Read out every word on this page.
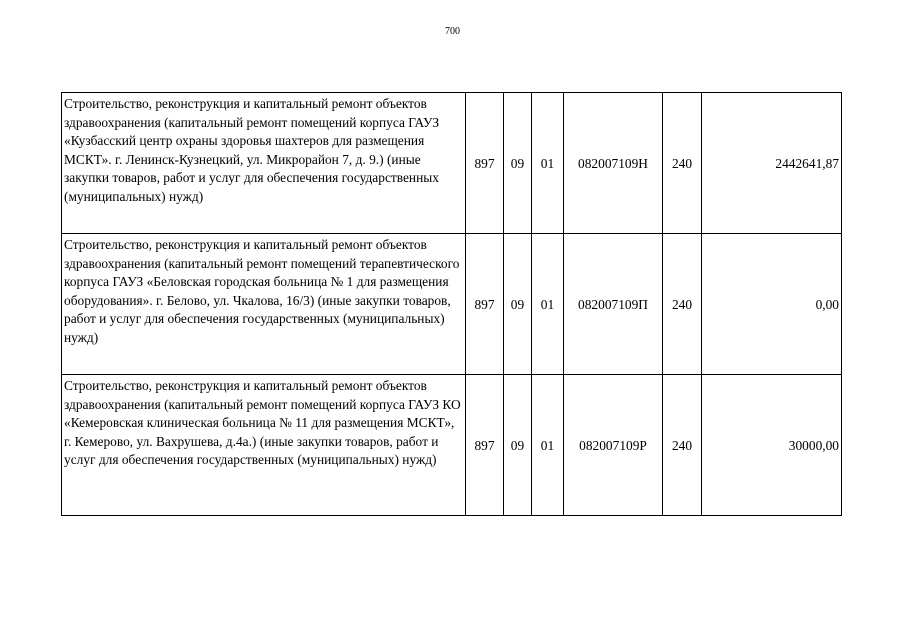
700
Строительство, реконструкция и капитальный ремонт объектов здравоохранения (капитальный ремонт помещений корпуса ГАУЗ «Кузбасский центр охраны здоровья шахтеров для размещения МСКТ». г. Ленинск-Кузнецкий, ул. Микрорайон 7, д. 9.) (иные закупки товаров, работ и услуг для обеспечения государственных (муниципальных) нужд)	897	09	01	082007109Н	240	2442641,87
Строительство, реконструкция и капитальный ремонт объектов здравоохранения (капитальный ремонт помещений терапевтического корпуса ГАУЗ «Беловская городская больница № 1 для размещения оборудования». г. Белово, ул. Чкалова, 16/3) (иные закупки товаров, работ и услуг для обеспечения государственных (муниципальных) нужд)	897	09	01	082007109П	240	0,00
Строительство, реконструкция и капитальный ремонт объектов здравоохранения (капитальный ремонт помещений корпуса ГАУЗ КО «Кемеровская клиническая больница № 11 для размещения МСКТ», г. Кемерово, ул. Вахрушева, д.4а.) (иные закупки товаров, работ и услуг для обеспечения государственных (муниципальных) нужд)	897	09	01	082007109Р	240	30000,00
